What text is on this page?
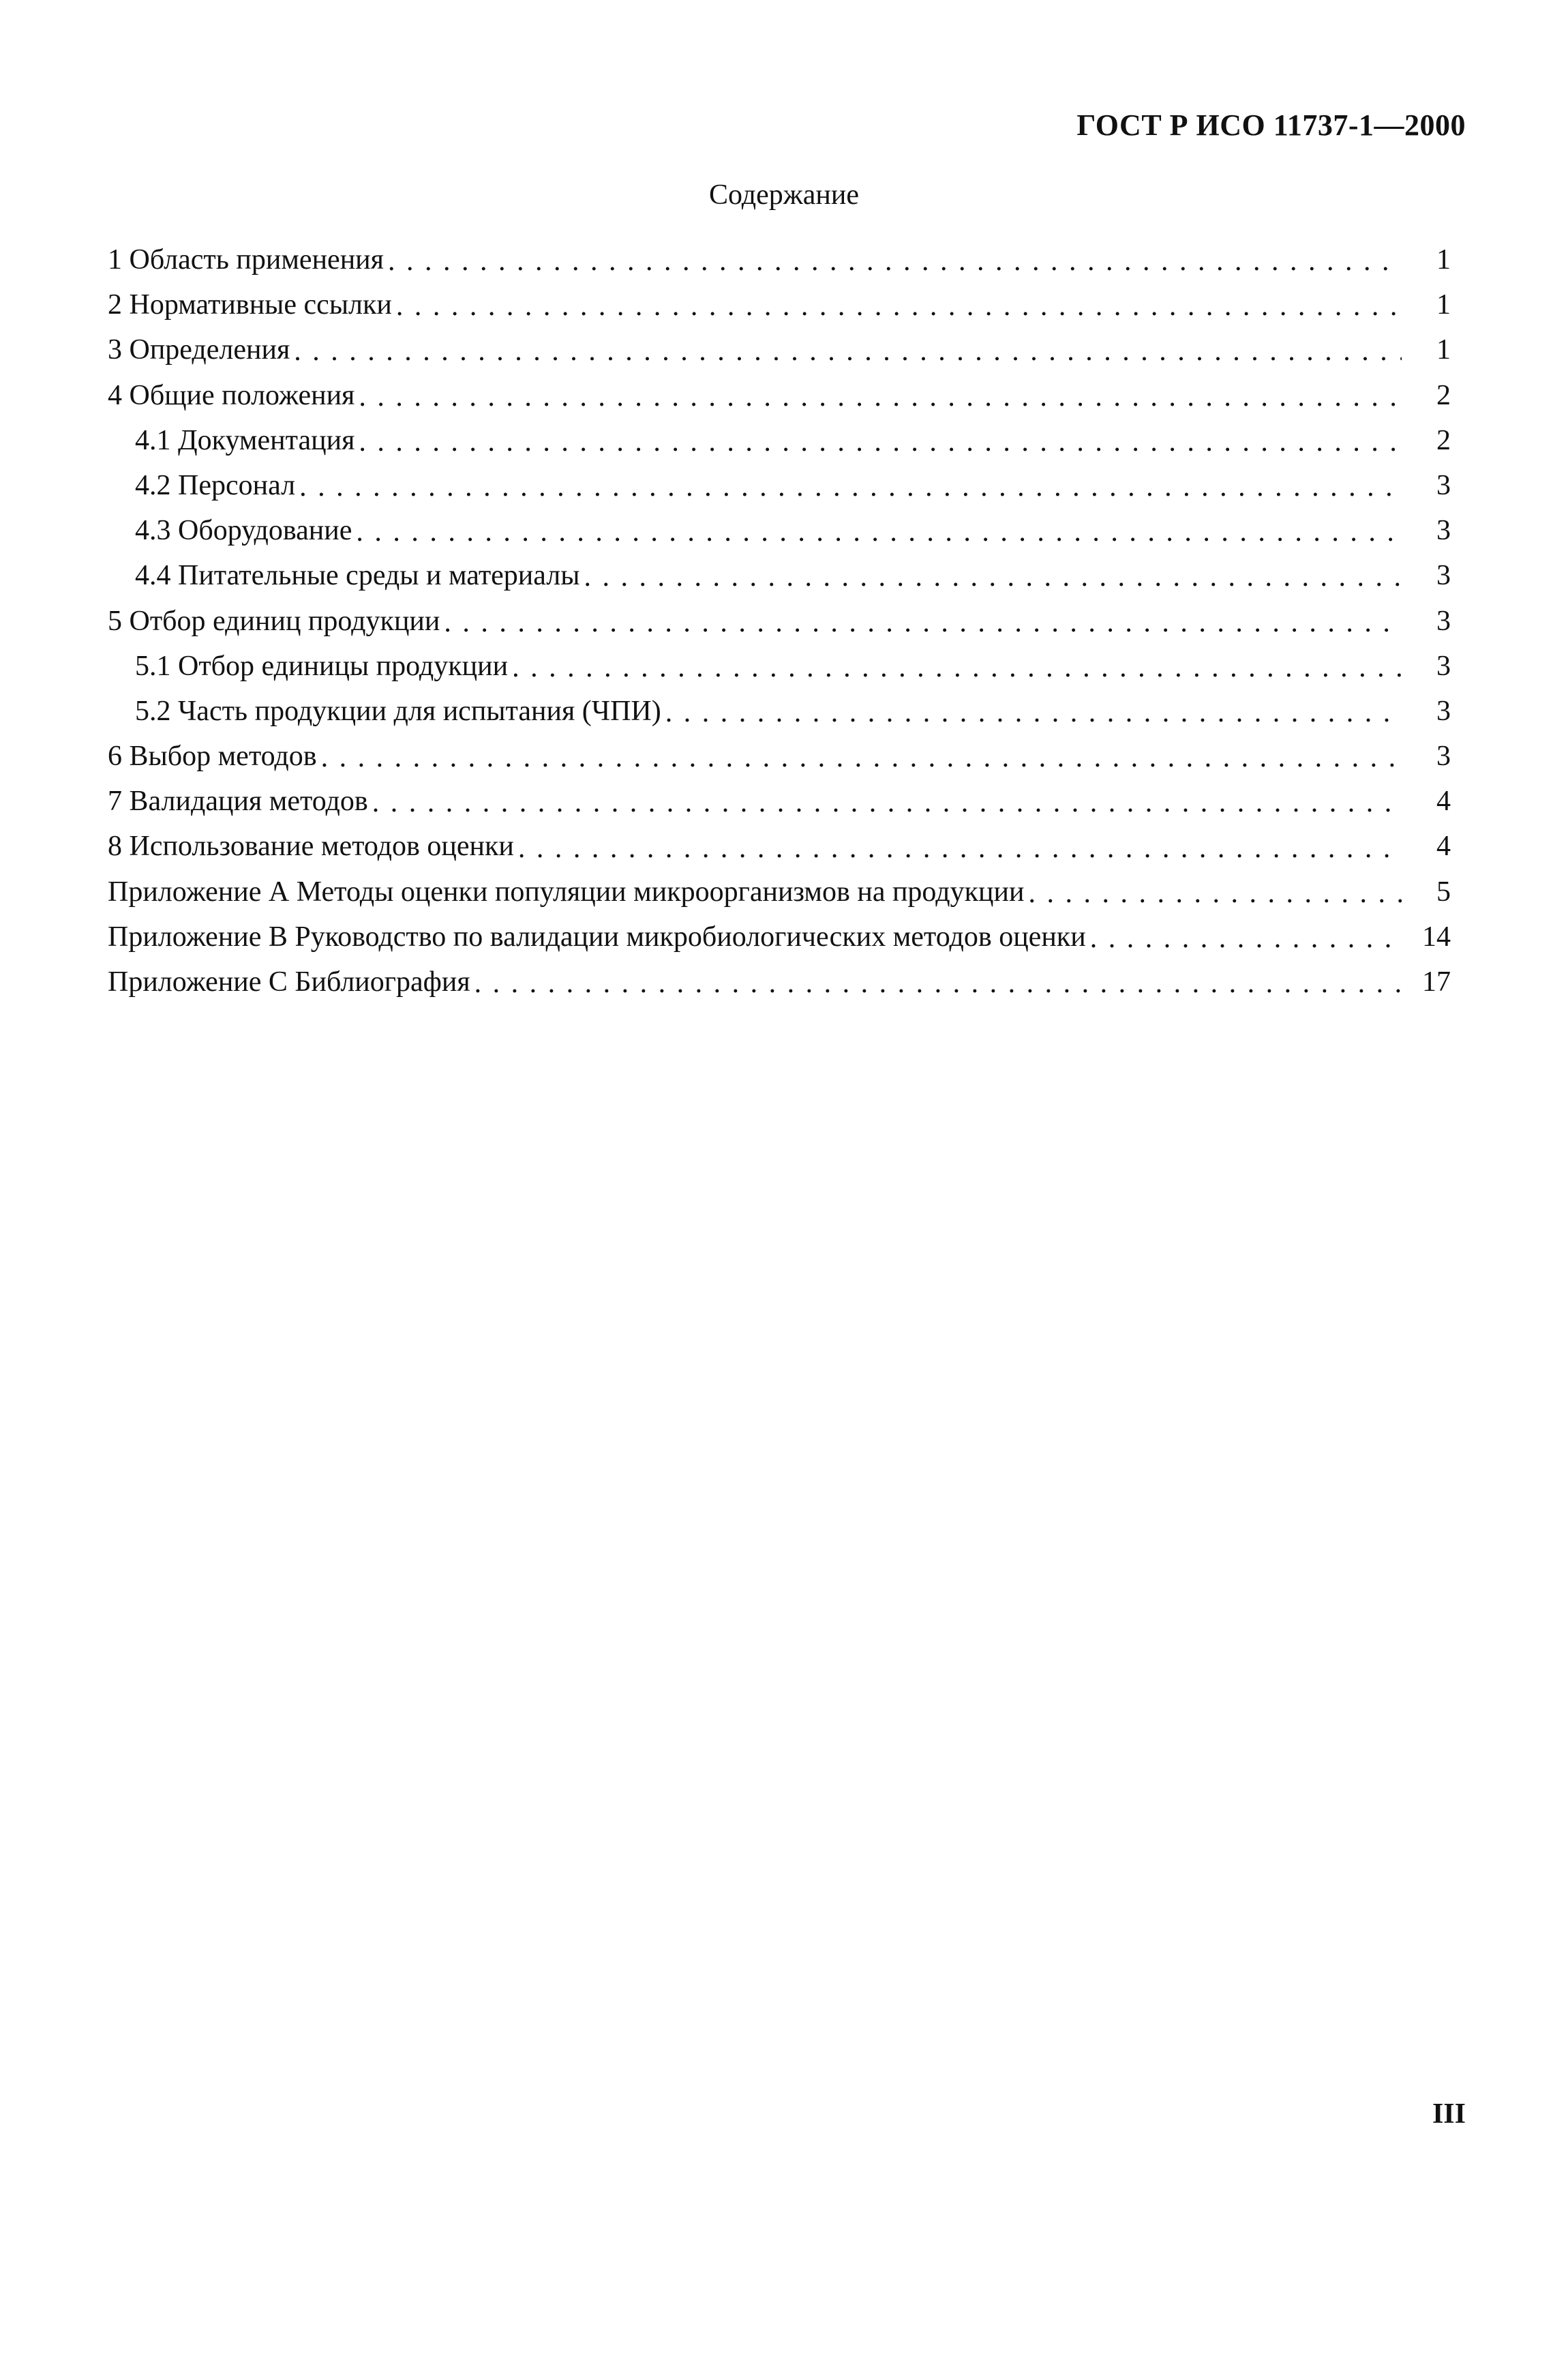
ГОСТ Р ИСО 11737-1—2000
Содержание
1 Область применения . . .	1
2 Нормативные ссылки . . .	1
3 Определения . . .	1
4 Общие положения . . .	2
4.1 Документация . . .	2
4.2 Персонал . . .	3
4.3 Оборудование . . .	3
4.4 Питательные среды и материалы . . .	3
5 Отбор единиц продукции . . .	3
5.1 Отбор единицы продукции . . .	3
5.2 Часть продукции для испытания (ЧПИ) . . .	3
6 Выбор методов . . .	3
7 Валидация методов . . .	4
8 Использование методов оценки . . .	4
Приложение А Методы оценки популяции микроорганизмов на продукции . . .	5
Приложение В Руководство по валидации микробиологических методов оценки . . .	14
Приложение С Библиография . . .	17
III
